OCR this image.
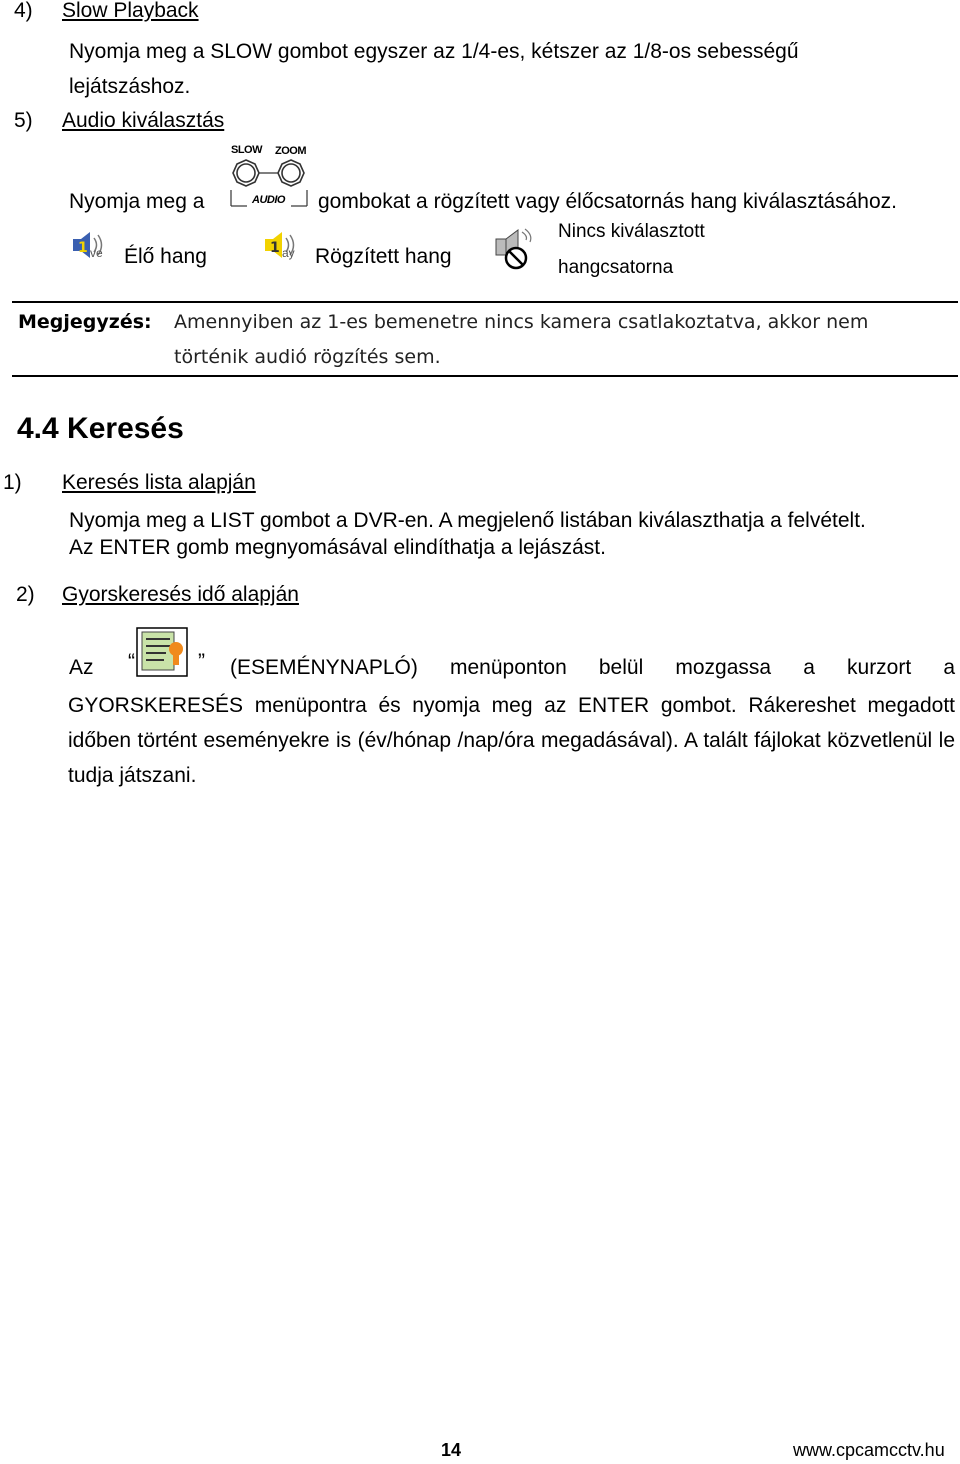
4) Slow Playback
Nyomja meg a SLOW gombot egyszer az 1/4-es, kétszer az 1/8-os sebességű
lejátszáshoz.
5) Audio kiválasztás
SLOW ZOOM
AUDIO
Nyomja meg a	gombokat a rögzített vagy élőcsatornás hang kiválasztásához.
1 ve Élő hang	1 ay Rögzített hang
Nincs kiválasztott
hangcsatorna
Megjegyzés: Amennyiben az 1-es bemenetre nincs kamera csatlakoztatva, akkor nem
történik audió rögzítés sem.
4.4 Keresés
1) Keresés lista alapján
Nyomja meg a LIST gombot a DVR-en. A megjelenő listában kiválaszthatja a felvételt.
Az ENTER gomb megnyomásával elindíthatja a lejászást.
2) Gyorskeresés idő alapján
Az “	” (ESEMÉNYNAPLÓ)  menüponton  belül  mozgassa  a  kurzort  a
GYORSKERESÉS menüpontra és nyomja meg az ENTER gombot. Rákereshet megadott időben történt eseményekre is (év/hónap /nap/óra megadásával). A talált fájlokat közvetlenül le tudja játszani.
14	www.cpcamcctv.hu
